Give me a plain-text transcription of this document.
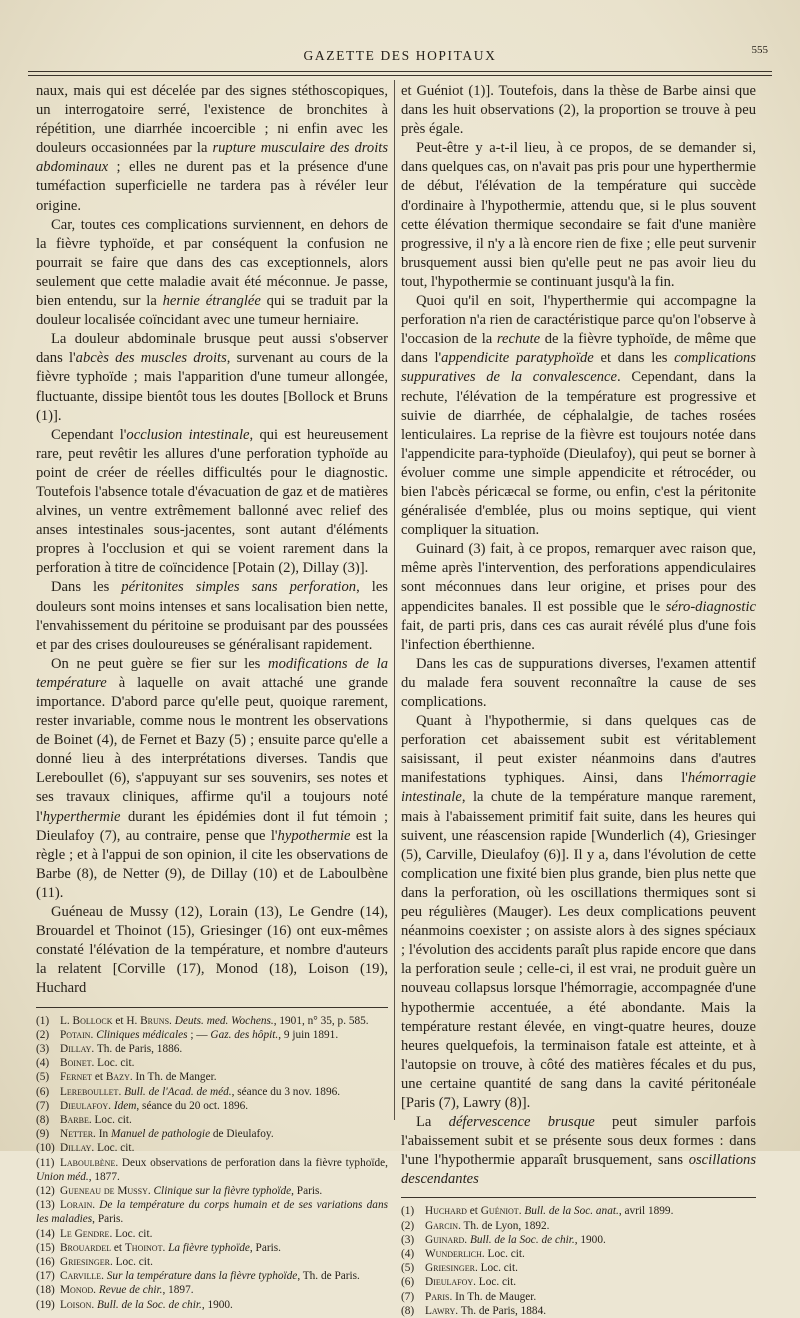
GAZETTE DES HOPITAUX	555

naux, mais qui est décelée par des signes stéthoscopiques, un interrogatoire serré, l'existence de bronchites à répétition, une diarrhée incoercible ; ni enfin avec les douleurs occasionnées par la rupture musculaire des droits abdominaux ; elles ne durent pas et la présence d'une tuméfaction superficielle ne tardera pas à révéler leur origine.

Car, toutes ces complications surviennent, en dehors de la fièvre typhoïde, et par conséquent la confusion ne pourrait se faire que dans des cas exceptionnels, alors seulement que cette maladie avait été méconnue. Je passe, bien entendu, sur la hernie étranglée qui se traduit par la douleur localisée coïncidant avec une tumeur herniaire.

La douleur abdominale brusque peut aussi s'observer dans l'abcès des muscles droits, survenant au cours de la fièvre typhoïde ; mais l'apparition d'une tumeur allongée, fluctuante, dissipe bientôt tous les doutes [Bollock et Bruns (1)].

Cependant l'occlusion intestinale, qui est heureusement rare, peut revêtir les allures d'une perforation typhoïde au point de créer de réelles difficultés pour le diagnostic. Toutefois l'absence totale d'évacuation de gaz et de matières alvines, un ventre extrêmement ballonné avec relief des anses intestinales sous-jacentes, sont autant d'éléments propres à l'occlusion et qui se voient rarement dans la perforation à titre de coïncidence [Potain (2), Dillay (3)].

Dans les péritonites simples sans perforation, les douleurs sont moins intenses et sans localisation bien nette, l'envahissement du péritoine se produisant par des poussées et par des crises douloureuses se généralisant rapidement.

On ne peut guère se fier sur les modifications de la température à laquelle on avait attaché une grande importance. D'abord parce qu'elle peut, quoique rarement, rester invariable, comme nous le montrent les observations de Boinet (4), de Fernet et Bazy (5) ; ensuite parce qu'elle a donné lieu à des interprétations diverses. Tandis que Lereboullet (6), s'appuyant sur ses souvenirs, ses notes et ses travaux cliniques, affirme qu'il a toujours noté l'hyperthermie durant les épidémies dont il fut témoin ; Dieulafoy (7), au contraire, pense que l'hypothermie est la règle ; et à l'appui de son opinion, il cite les observations de Barbe (8), de Netter (9), de Dillay (10) et de Laboulbène (11).

Guéneau de Mussy (12), Lorain (13), Le Gendre (14), Brouardel et Thoinot (15), Griesinger (16) ont eux-mêmes constaté l'élévation de la température, et nombre d'auteurs la relatent [Corville (17), Monod (18), Loison (19), Huchard

(1) L. Bollock et H. Bruns. Deuts. med. Wochens., 1901, n° 35, p. 585.
(2) Potain. Cliniques médicales ; — Gaz. des hôpit., 9 juin 1891.
(3) Dillay. Th. de Paris, 1886.
(4) Boinet. Loc. cit.
(5) Fernet et Bazy. In Th. de Manger.
(6) Lereboullet. Bull. de l'Acad. de méd., séance du 3 nov. 1896.
(7) Dieulafoy. Idem, séance du 20 oct. 1896.
(8) Barbe. Loc. cit.
(9) Netter. In Manuel de pathologie de Dieulafoy.
(10) Dillay. Loc. cit.
(11) Laboulbène. Deux observations de perforation dans la fièvre typhoïde, Union méd., 1877.
(12) Gueneau de Mussy. Clinique sur la fièvre typhoïde, Paris.
(13) Lorain. De la température du corps humain et de ses variations dans les maladies, Paris.
(14) Le Gendre. Loc. cit.
(15) Brouardel et Thoinot. La fièvre typhoïde, Paris.
(16) Griesinger. Loc. cit.
(17) Carville. Sur la température dans la fièvre typhoïde, Th. de Paris.
(18) Monod. Revue de chir., 1897.
(19) Loison. Bull. de la Soc. de chir., 1900.

et Guéniot (1)]. Toutefois, dans la thèse de Barbe ainsi que dans les huit observations (2), la proportion se trouve à peu près égale.

Peut-être y a-t-il lieu, à ce propos, de se demander si, dans quelques cas, on n'avait pas pris pour une hyperthermie de début, l'élévation de la température qui succède d'ordinaire à l'hypothermie, attendu que, si le plus souvent cette élévation thermique secondaire se fait d'une manière progressive, il n'y a là encore rien de fixe ; elle peut survenir brusquement aussi bien qu'elle peut ne pas avoir lieu du tout, l'hypothermie se continuant jusqu'à la fin.

Quoi qu'il en soit, l'hyperthermie qui accompagne la perforation n'a rien de caractéristique parce qu'on l'observe à l'occasion de la rechute de la fièvre typhoïde, de même que dans l'appendicite paratyphoïde et dans les complications suppuratives de la convalescence. Cependant, dans la rechute, l'élévation de la température est progressive et suivie de diarrhée, de céphalalgie, de taches rosées lenticulaires. La reprise de la fièvre est toujours notée dans l'appendicite para-typhoïde (Dieulafoy), qui peut se borner à évoluer comme une simple appendicite et rétrocéder, ou bien l'abcès péricæcal se forme, ou enfin, c'est la péritonite généralisée d'emblée, plus ou moins septique, qui vient compliquer la situation.

Guinard (3) fait, à ce propos, remarquer avec raison que, même après l'intervention, des perforations appendiculaires sont méconnues dans leur origine, et prises pour des appendicites banales. Il est possible que le séro-diagnostic fait, de parti pris, dans ces cas aurait révélé plus d'une fois l'infection éberthienne.

Dans les cas de suppurations diverses, l'examen attentif du malade fera souvent reconnaître la cause de ses complications.

Quant à l'hypothermie, si dans quelques cas de perforation cet abaissement subit est véritablement saisissant, il peut exister néanmoins dans d'autres manifestations typhiques. Ainsi, dans l'hémorragie intestinale, la chute de la température manque rarement, mais à l'abaissement primitif fait suite, dans les heures qui suivent, une réascension rapide [Wunderlich (4), Griesinger (5), Carville, Dieulafoy (6)]. Il y a, dans l'évolution de cette complication une fixité bien plus grande, bien plus nette que dans la perforation, où les oscillations thermiques sont si peu régulières (Mauger). Les deux complications peuvent néanmoins coexister ; on assiste alors à des signes spéciaux ; l'évolution des accidents paraît plus rapide encore que dans la perforation seule ; celle-ci, il est vrai, ne produit guère un nouveau collapsus lorsque l'hémorragie, accompagnée d'une hypothermie accentuée, a été abondante. Mais la température restant élevée, en vingt-quatre heures, douze heures quelquefois, la terminaison fatale est atteinte, et à l'autopsie on trouve, à côté des matières fécales et du pus, une certaine quantité de sang dans la cavité péritonéale [Paris (7), Lawry (8)].

La défervescence brusque peut simuler parfois l'abaissement subit et se présente sous deux formes : dans l'une l'hypothermie apparaît brusquement, sans oscillations descendantes

(1) Huchard et Guéniot. Bull. de la Soc. anat., avril 1899.
(2) Garcin. Th. de Lyon, 1892.
(3) Guinard. Bull. de la Soc. de chir., 1900.
(4) Wunderlich. Loc. cit.
(5) Griesinger. Loc. cit.
(6) Dieulafoy. Loc. cit.
(7) Paris. In Th. de Mauger.
(8) Lawry. Th. de Paris, 1884.
